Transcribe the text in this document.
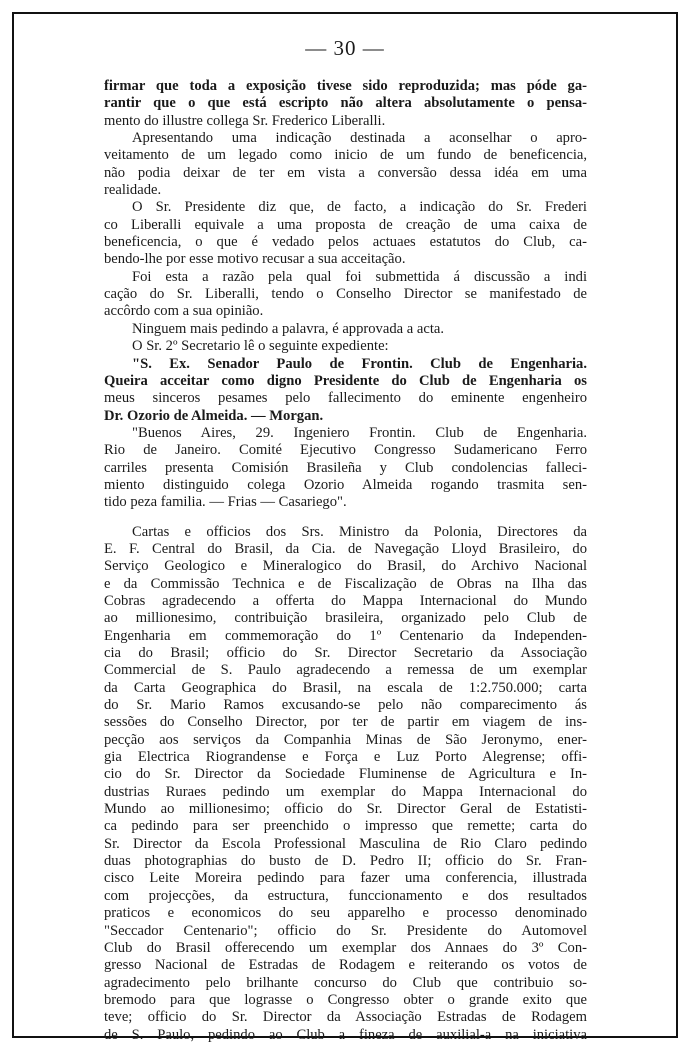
— 30 —
firmar que toda a exposição tivese sido reproduzida; mas póde ga-
rantir que o que está escripto não altera absolutamente o pensa-
mento do illustre collega Sr. Frederico Liberalli.
Apresentando uma indicação destinada a aconselhar o apro-
veitamento de um legado como inicio de um fundo de beneficencia,
não podia deixar de ter em vista a conversão dessa idéa em uma
realidade.
O Sr. Presidente diz que, de facto, a indicação do Sr. Frederi
co Liberalli equivale a uma proposta de creação de uma caixa de
beneficencia, o que é vedado pelos actuaes estatutos do Club, ca-
bendo-lhe por esse motivo recusar a sua acceitação.
Foi esta a razão pela qual foi submettida á discussão a indi
cação do Sr. Liberalli, tendo o Conselho Director se manifestado de
accôrdo com a sua opinião.
Ninguem mais pedindo a palavra, é approvada a acta.
O Sr. 2º Secretario lê o seguinte expediente:
"S. Ex. Senador Paulo de Frontin. Club de Engenharia.
Queira acceitar como digno Presidente do Club de Engenharia os
meus sinceros pesames pelo fallecimento do eminente engenheiro
Dr. Ozorio de Almeida. — Morgan.
"Buenos Aires, 29. Ingeniero Frontin. Club de Engenharia.
Rio de Janeiro. Comité Ejecutivo Congresso Sudamericano Ferro
carriles presenta Comisión Brasileña y Club condolencias falleci-
miento distinguido colega Ozorio Almeida rogando trasmita sen-
tido peza familia. — Frias — Casariego".
Cartas e officios dos Srs. Ministro da Polonia, Directores da
E. F. Central do Brasil, da Cia. de Navegação Lloyd Brasileiro, do
Serviço Geologico e Mineralogico do Brasil, do Archivo Nacional
e da Commissão Technica e de Fiscalização de Obras na Ilha das
Cobras agradecendo a offerta do Mappa Internacional do Mundo
ao millionesimo, contribuição brasileira, organizado pelo Club de
Engenharia em commemoração do 1º Centenario da Independen-
cia do Brasil; officio do Sr. Director Secretario da Associação
Commercial de S. Paulo agradecendo a remessa de um exemplar
da Carta Geographica do Brasil, na escala de 1:2.750.000; carta
do Sr. Mario Ramos excusando-se pelo não comparecimento ás
sessões do Conselho Director, por ter de partir em viagem de ins-
pecção aos serviços da Companhia Minas de São Jeronymo, ener-
gia Electrica Riograndense e Força e Luz Porto Alegrense; offi-
cio do Sr. Director da Sociedade Fluminense de Agricultura e In-
dustrias Ruraes pedindo um exemplar do Mappa Internacional do
Mundo ao millionesimo; officio do Sr. Director Geral de Estatisti-
ca pedindo para ser preenchido o impresso que remette; carta do
Sr. Director da Escola Professional Masculina de Rio Claro pedindo
duas photographias do busto de D. Pedro II; officio do Sr. Fran-
cisco Leite Moreira pedindo para fazer uma conferencia, illustrada
com projecções, da estructura, funccionamento e dos resultados
praticos e economicos do seu apparelho e processo denominado
"Seccador Centenario"; officio do Sr. Presidente do Automovel
Club do Brasil offerecendo um exemplar dos Annaes do 3º Con-
gresso Nacional de Estradas de Rodagem e reiterando os votos de
agradecimento pelo brilhante concurso do Club que contribuio so-
bremodo para que lograsse o Congresso obter o grande exito que
teve; officio do Sr. Director da Associação Estradas de Rodagem
de S. Paulo, pedindo ao Club a fineza de auxilial-a na iniciativa
